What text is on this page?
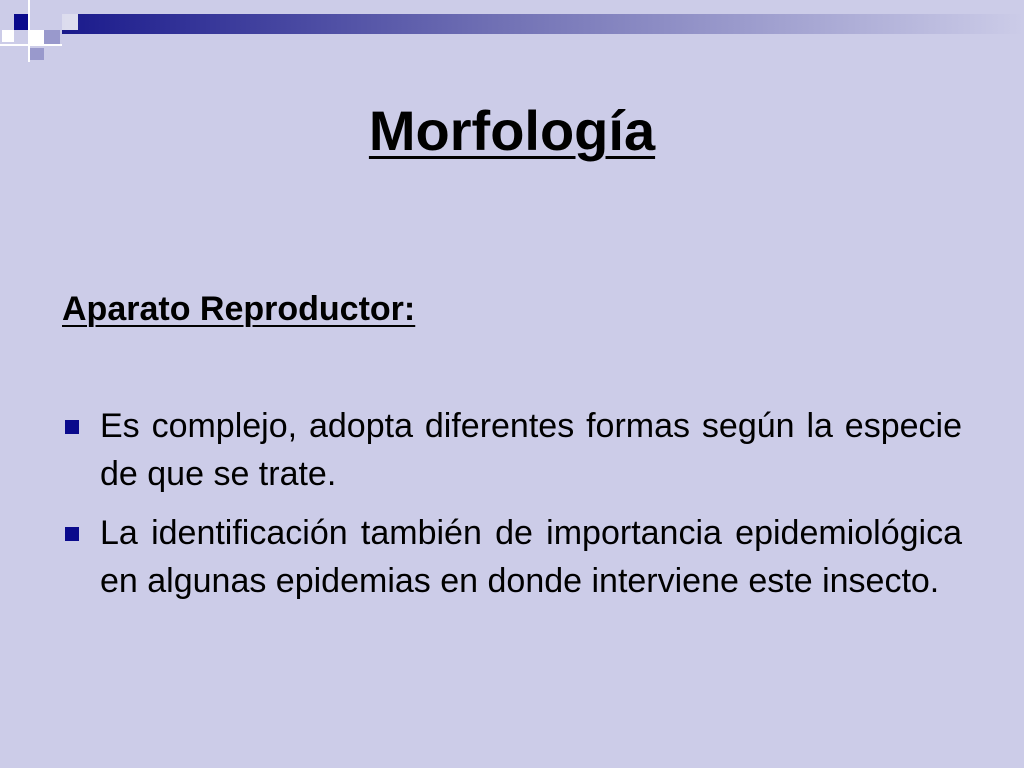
Morfología
Aparato Reproductor:
Es complejo, adopta diferentes formas según la especie de que se trate.
La identificación también de importancia epidemiológica en algunas epidemias en donde interviene este insecto.
